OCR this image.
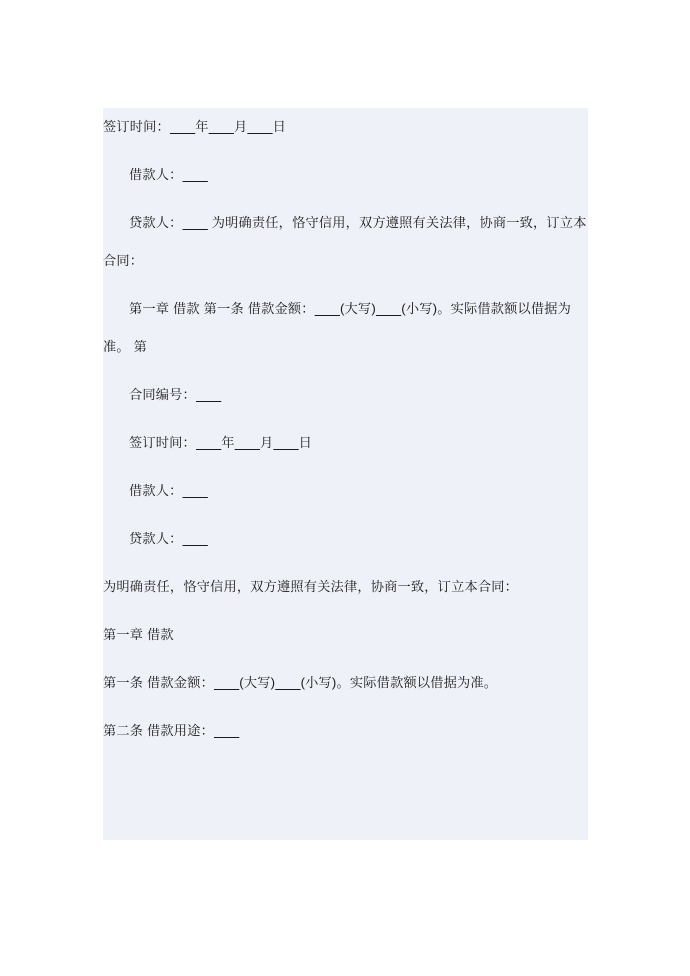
签订时间： 年 月 日

借款人：

贷款人：         为明确责任，恪守信用，双方遵照有关法律，协商一致，订立本合同：

第一章 借款 第一条 借款金额： (大写) (小写)。实际借款额以借据为准。 第

合同编号：

签订时间： 年 月 日

借款人：

贷款人：

为明确责任，恪守信用，双方遵照有关法律，协商一致，订立本合同：

第一章 借款

第一条 借款金额： (大写) (小写)。实际借款额以借据为准。

第二条 借款用途：
